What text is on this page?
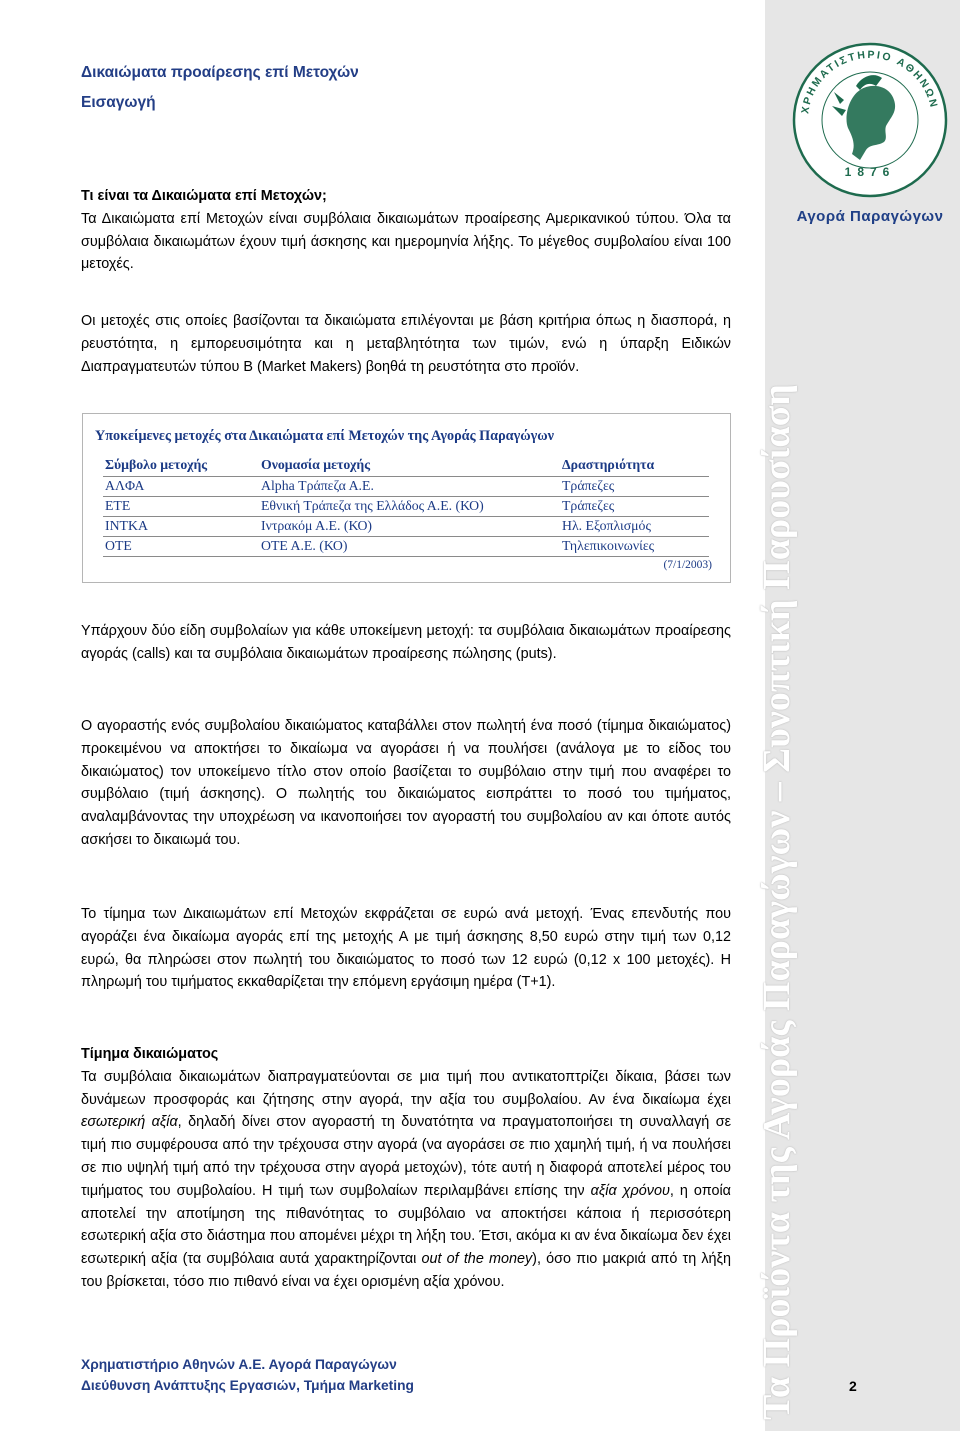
Τα Προϊόντα της Αγοράς Παραγώγων – Συνοπτική Παρουσίαση
ΧΡΗΜΑΤΙΣΤΗΡΙΟ ΑΘΗΝΩΝ
1876
Αγορά Παραγώγων
Δικαιώματα προαίρεσης επί Μετοχών
Εισαγωγή
Τι είναι τα Δικαιώματα επί Μετοχών;
Τα Δικαιώματα επί Μετοχών είναι συμβόλαια δικαιωμάτων προαίρεσης Αμερικανικού τύπου. Όλα τα συμβόλαια δικαιωμάτων έχουν τιμή άσκησης και ημερομηνία λήξης. Το μέγεθος συμβολαίου είναι 100 μετοχές.

Οι μετοχές στις οποίες βασίζονται τα δικαιώματα επιλέγονται με βάση κριτήρια όπως η διασπορά, η ρευστότητα, η εμπορευσιμότητα και η μεταβλητότητα των τιμών, ενώ η ύπαρξη Ειδικών Διαπραγματευτών τύπου Β (Market Makers) βοηθά τη ρευστότητα στο προϊόν.

Υποκείμενες μετοχές στα Δικαιώματα επί Μετοχών της Αγοράς Παραγώγων
Σύμβολο μετοχής	Ονομασία μετοχής	Δραστηριότητα
ΑΛΦΑ	Alpha Τράπεζα Α.Ε.	Τράπεζες
ΕΤΕ	Εθνική Τράπεζα της Ελλάδος Α.Ε. (ΚΟ)	Τράπεζες
ΙΝΤΚΑ	Ιντρακόμ Α.Ε. (ΚΟ)	Ηλ. Εξοπλισμός
ΟΤΕ	ΟΤΕ Α.Ε. (ΚΟ)	Τηλεπικοινωνίες
(7/1/2003)

Υπάρχουν δύο είδη συμβολαίων για κάθε υποκείμενη μετοχή: τα συμβόλαια δικαιωμάτων προαίρεσης αγοράς (calls) και τα συμβόλαια δικαιωμάτων προαίρεσης πώλησης (puts).

Ο αγοραστής ενός συμβολαίου δικαιώματος καταβάλλει στον πωλητή ένα ποσό (τίμημα δικαιώματος) προκειμένου να αποκτήσει το δικαίωμα να αγοράσει ή να πουλήσει (ανάλογα με το είδος του δικαιώματος) τον υποκείμενο τίτλο στον οποίο βασίζεται το συμβόλαιο στην τιμή που αναφέρει το συμβόλαιο (τιμή άσκησης). Ο πωλητής του δικαιώματος εισπράττει το ποσό του τιμήματος, αναλαμβάνοντας την υποχρέωση να ικανοποιήσει τον αγοραστή του συμβολαίου αν και όποτε αυτός ασκήσει το δικαιωμά του.

Το τίμημα των Δικαιωμάτων επί Μετοχών εκφράζεται σε ευρώ ανά μετοχή. Ένας επενδυτής που αγοράζει ένα δικαίωμα αγοράς επί της μετοχής Α με τιμή άσκησης 8,50 ευρώ στην τιμή των 0,12 ευρώ, θα πληρώσει στον πωλητή του δικαιώματος το ποσό των 12 ευρώ (0,12 x 100 μετοχές). Η πληρωμή του τιμήματος εκκαθαρίζεται την επόμενη εργάσιμη ημέρα (Τ+1).

Τίμημα δικαιώματος
Τα συμβόλαια δικαιωμάτων διαπραγματεύονται σε μια τιμή που αντικατοπτρίζει δίκαια, βάσει των δυνάμεων προσφοράς και ζήτησης στην αγορά, την αξία του συμβολαίου. Αν ένα δικαίωμα έχει εσωτερική αξία, δηλαδή δίνει στον αγοραστή τη δυνατότητα να πραγματοποιήσει τη συναλλαγή σε τιμή πιο συμφέρουσα από την τρέχουσα στην αγορά (να αγοράσει σε πιο χαμηλή τιμή, ή να πουλήσει σε πιο υψηλή τιμή από την τρέχουσα στην αγορά μετοχών), τότε αυτή η διαφορά αποτελεί μέρος του τιμήματος του συμβολαίου. Η τιμή των συμβολαίων περιλαμβάνει επίσης την αξία χρόνου, η οποία αποτελεί την αποτίμηση της πιθανότητας το συμβόλαιο να αποκτήσει κάποια ή περισσότερη εσωτερική αξία στο διάστημα που απομένει μέχρι τη λήξη του. Έτσι, ακόμα κι αν ένα δικαίωμα δεν έχει εσωτερική αξία (τα συμβόλαια αυτά χαρακτηρίζονται out of the money), όσο πιο μακριά από τη λήξη του βρίσκεται, τόσο πιο πιθανό είναι να έχει ορισμένη αξία χρόνου.
Χρηματιστήριο Αθηνών Α.Ε. Αγορά Παραγώγων
Διεύθυνση Ανάπτυξης Εργασιών, Τμήμα Marketing	2
